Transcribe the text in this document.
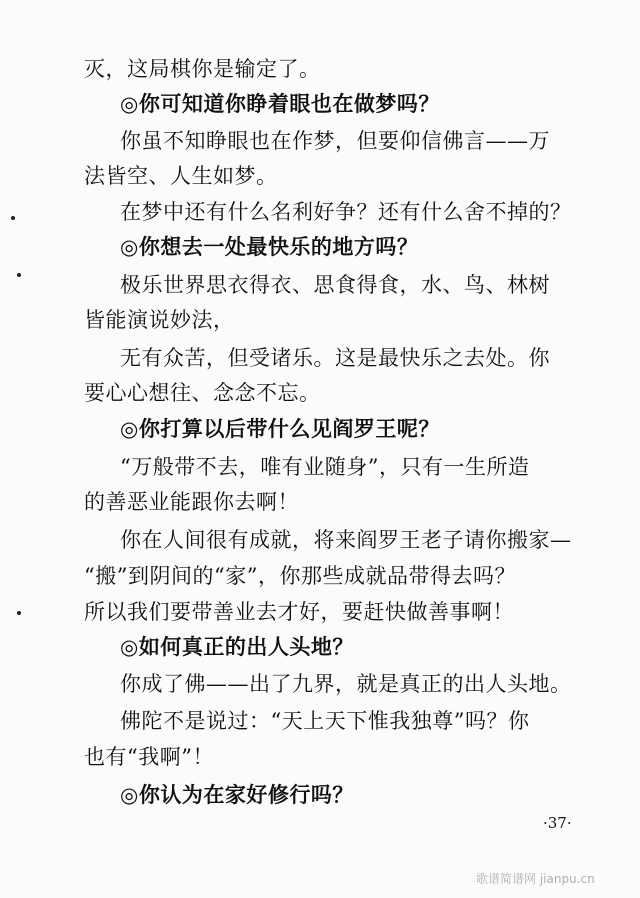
灭，这局棋你是输定了。
◎你可知道你睁着眼也在做梦吗？
你虽不知睁眼也在作梦，但要仰信佛言——万
法皆空、人生如梦。
在梦中还有什么名利好争？还有什么舍不掉的？
◎你想去一处最快乐的地方吗？
极乐世界思衣得衣、思食得食，水、鸟、林树
皆能演说妙法，
无有众苦，但受诸乐。这是最快乐之去处。你
要心心想往、念念不忘。
◎你打算以后带什么见阎罗王呢？
“万般带不去，唯有业随身”，只有一生所造
的善恶业能跟你去啊！
你在人间很有成就，将来阎罗王老子请你搬家—
“搬”到阴间的“家”，你那些成就品带得去吗？
所以我们要带善业去才好，要赶快做善事啊！
◎如何真正的出人头地？
你成了佛——出了九界，就是真正的出人头地。
佛陀不是说过：“天上天下惟我独尊”吗？你
也有“我啊”！
◎你认为在家好修行吗？
·37·
歌谱简谱网 jianpu.cn
